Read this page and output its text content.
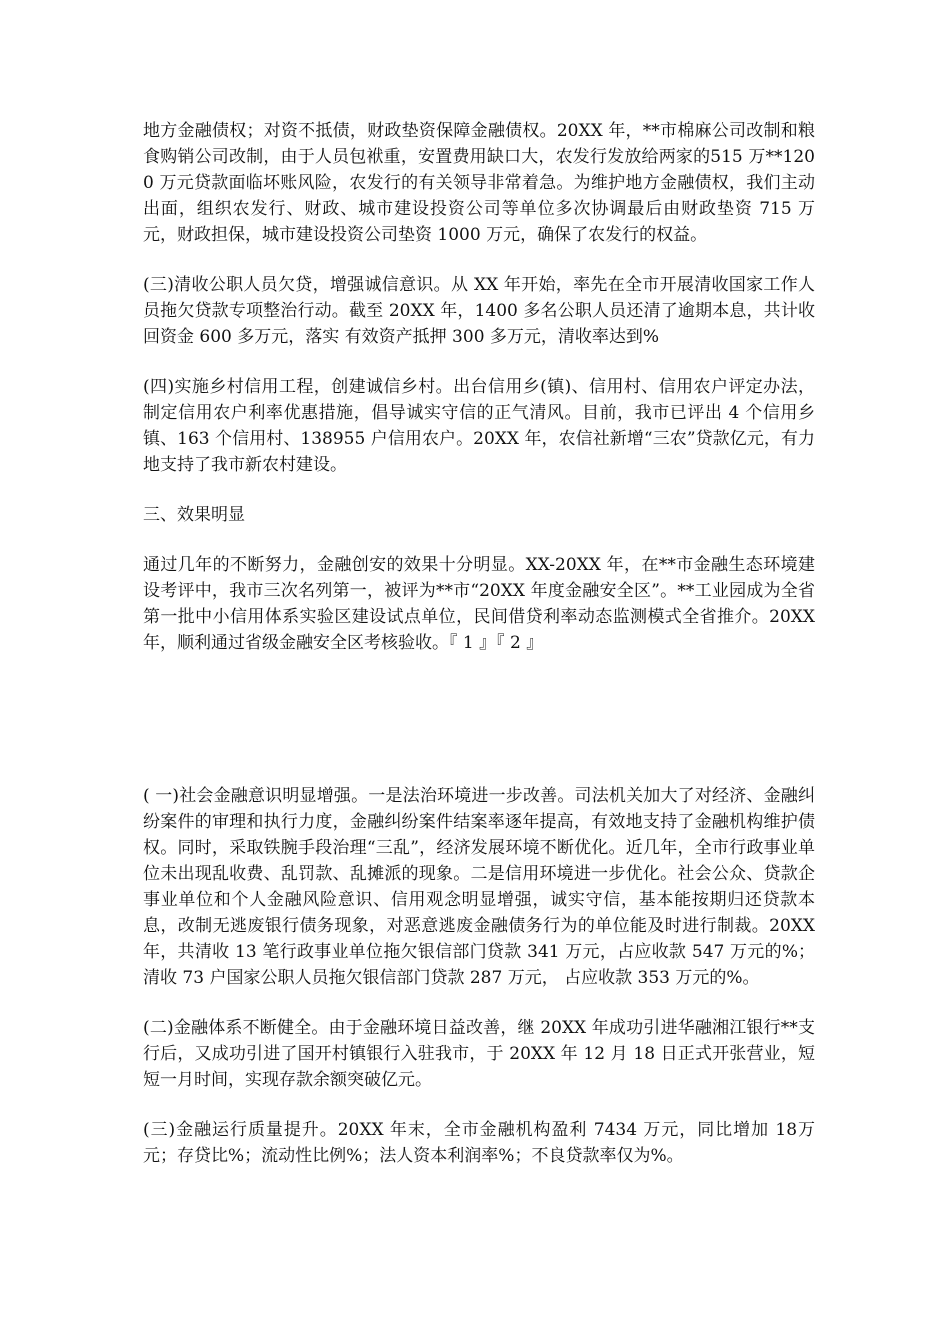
地方金融债权；对资不抵债，财政垫资保障金融债权。20XX 年，**市棉麻公司改制和粮食购销公司改制，由于人员包袱重，安置费用缺口大，农发行发放给两家的515 万**1200 万元贷款面临坏账风险，农发行的有关领导非常着急。为维护地方金融债权，我们主动出面，组织农发行、财政、城市建设投资公司等单位多次协调最后由财政垫资 715 万元，财政担保，城市建设投资公司垫资 1000 万元，确保了农发行的权益。

(三)清收公职人员欠贷，增强诚信意识。从 XX 年开始，率先在全市开展清收国家工作人员拖欠贷款专项整治行动。截至 20XX 年，1400 多名公职人员还清了逾期本息，共计收回资金 600 多万元，落实 有效资产抵押 300 多万元，清收率达到%

(四)实施乡村信用工程，创建诚信乡村。出台信用乡(镇)、信用村、信用农户评定办法，制定信用农户利率优惠措施，倡导诚实守信的正气清风。目前，我市已评出 4 个信用乡镇、163 个信用村、138955 户信用农户。20XX 年，农信社新增“三农”贷款亿元，有力地支持了我市新农村建设。

三、效果明显

通过几年的不断努力，金融创安的效果十分明显。XX-20XX 年，在**市金融生态环境建设考评中，我市三次名列第一，被评为**市“20XX 年度金融安全区”。**工业园成为全省第一批中小信用体系实验区建设试点单位，民间借贷利率动态监测模式全省推介。20XX 年，顺利通过省级金融安全区考核验收。『 1 』『 2 』

( 一)社会金融意识明显增强。一是法治环境进一步改善。司法机关加大了对经济、金融纠纷案件的审理和执行力度，金融纠纷案件结案率逐年提高，有效地支持了金融机构维护债权。同时，采取铁腕手段治理“三乱”，经济发展环境不断优化。近几年，全市行政事业单位未出现乱收费、乱罚款、乱摊派的现象。二是信用环境进一步优化。社会公众、贷款企事业单位和个人金融风险意识、信用观念明显增强，诚实守信，基本能按期归还贷款本息，改制无逃废银行债务现象，对恶意逃废金融债务行为的单位能及时进行制裁。20XX 年，共清收 13 笔行政事业单位拖欠银信部门贷款 341 万元，占应收款 547 万元的%；清收 73 户国家公职人员拖欠银信部门贷款 287 万元， 占应收款 353 万元的%。

(二)金融体系不断健全。由于金融环境日益改善，继 20XX 年成功引进华融湘江银行**支行后，又成功引进了国开村镇银行入驻我市，于 20XX 年 12 月 18 日正式开张营业，短短一月时间，实现存款余额突破亿元。

(三)金融运行质量提升。20XX 年末，全市金融机构盈利 7434 万元，同比增加 18万元；存贷比%；流动性比例%；法人资本利润率%；不良贷款率仅为%。
